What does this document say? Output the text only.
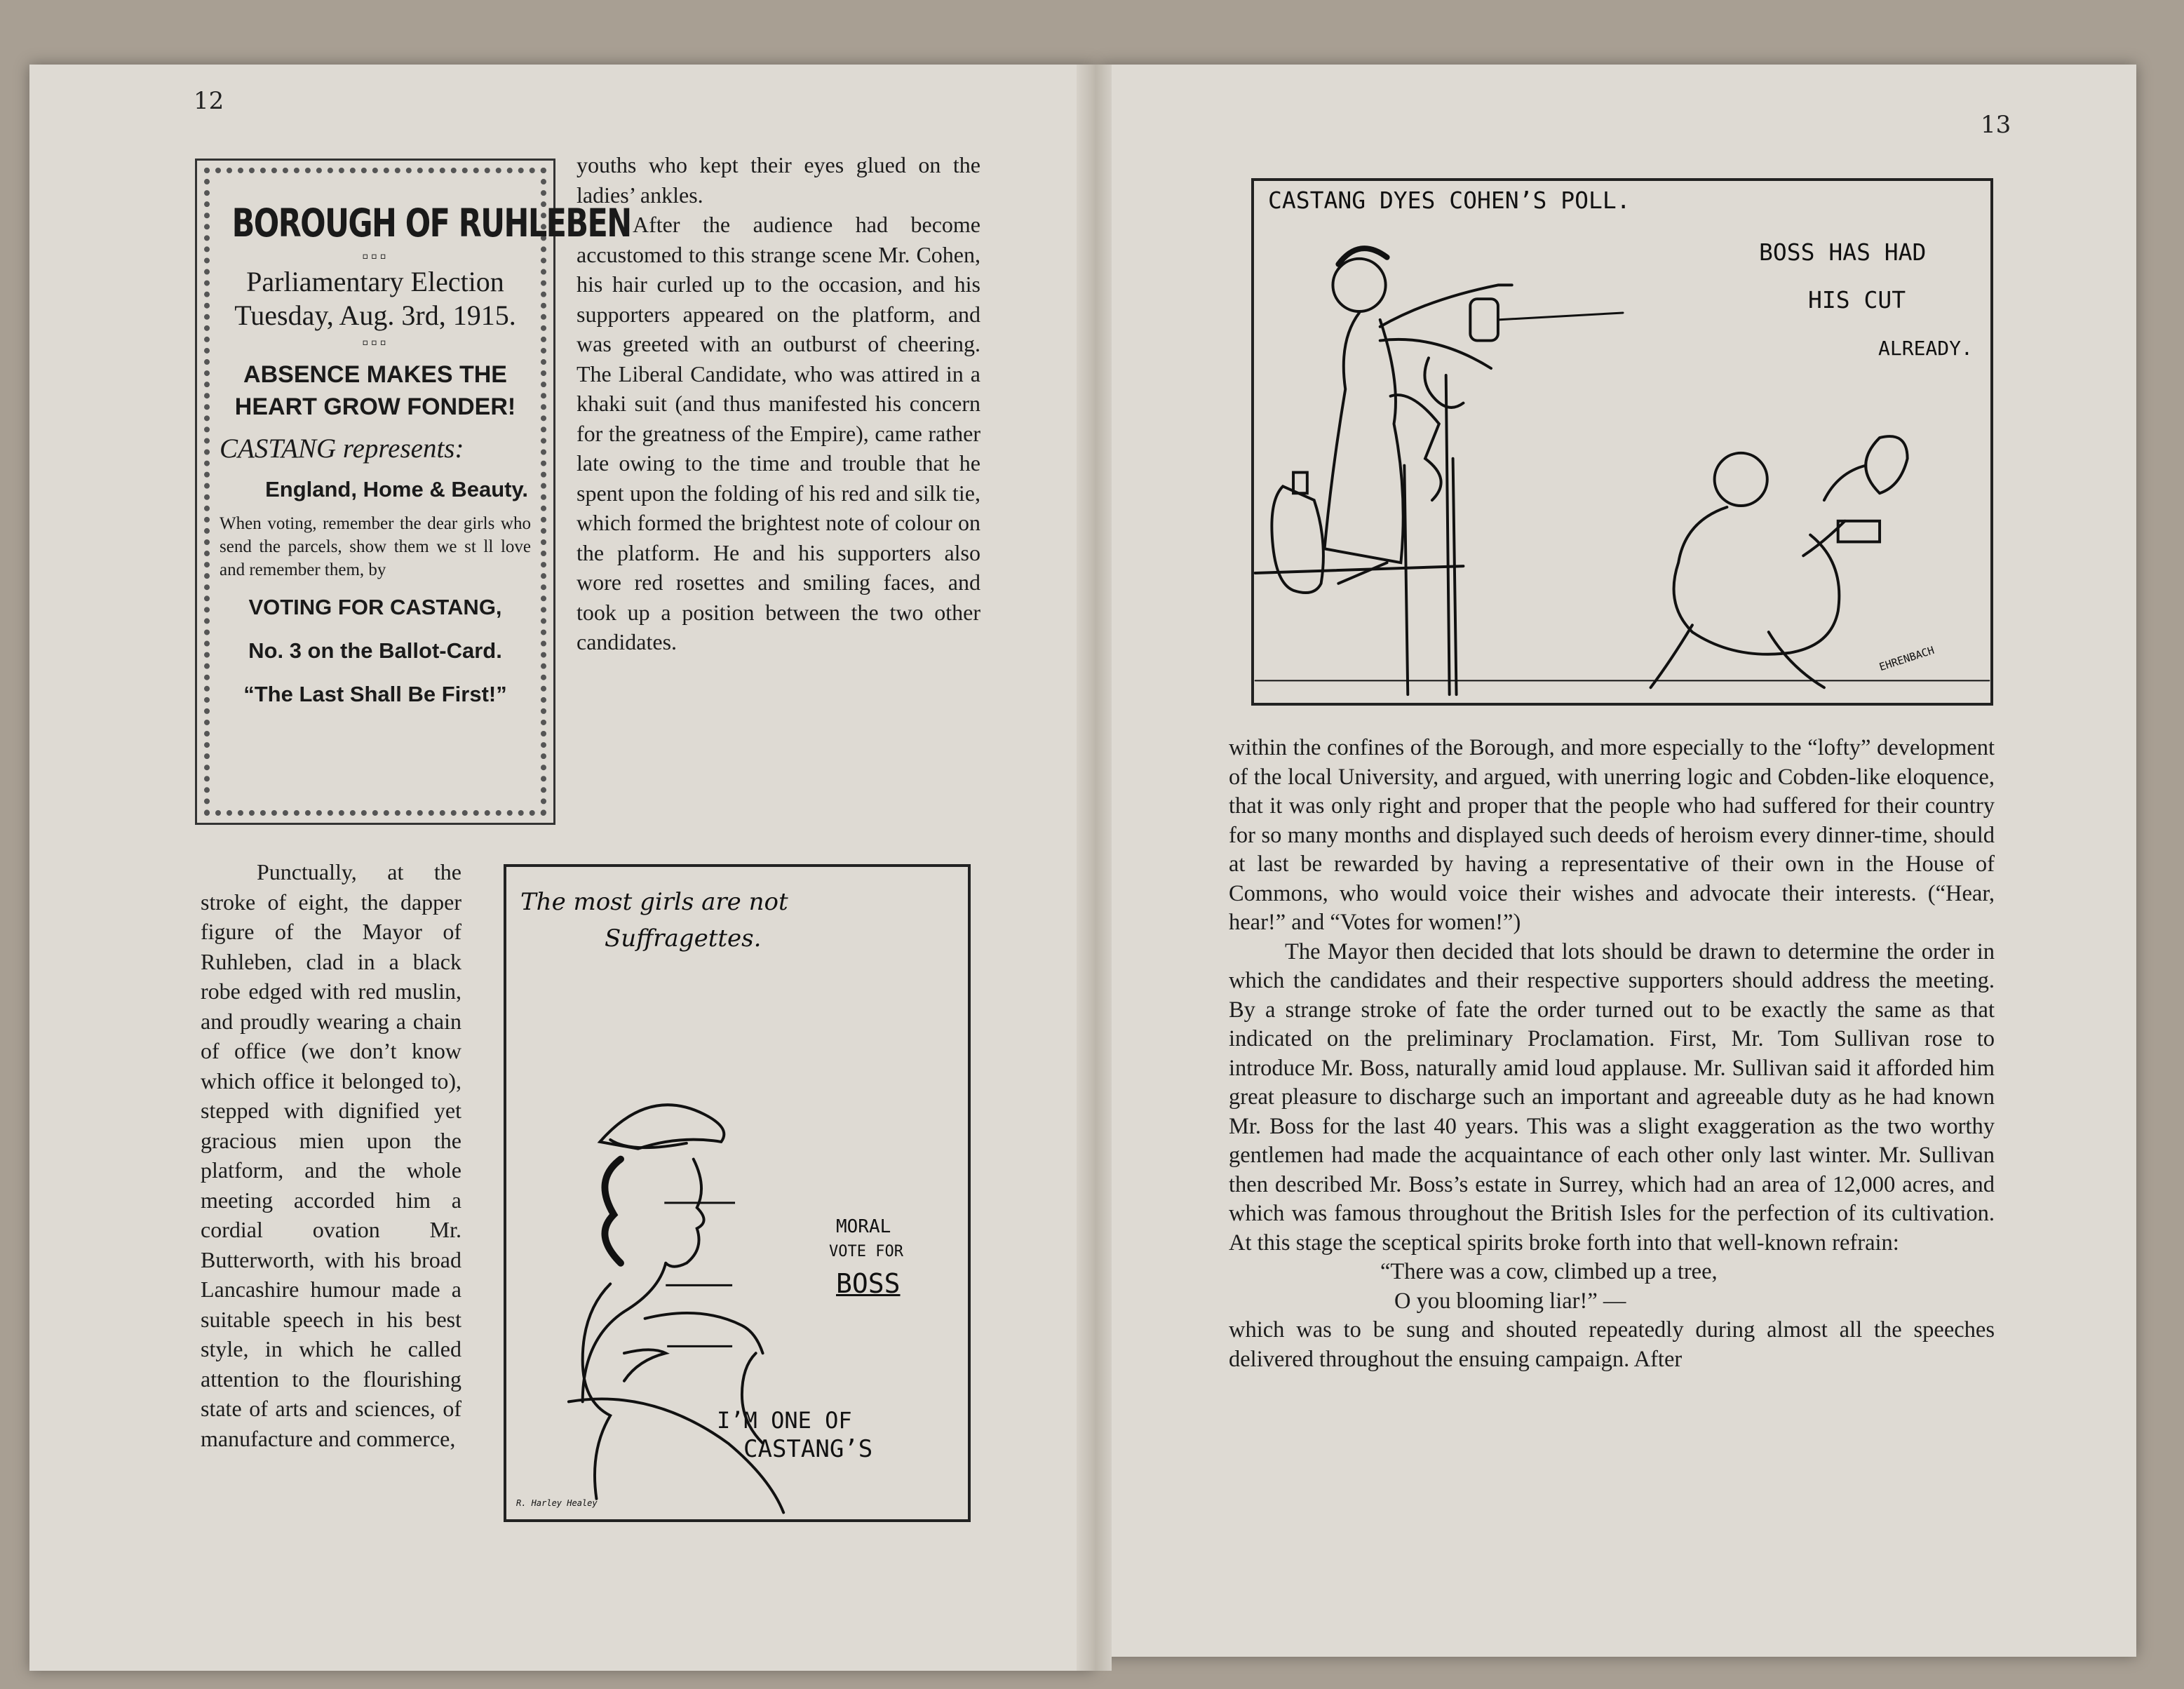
12
BOROUGH OF RUHLEBEN
▫▫▫
Parliamentary Election
Tuesday, Aug. 3rd, 1915.
▫▫▫
ABSENCE MAKES THE HEART GROW FONDER!
CASTANG represents:
England, Home & Beauty.
When voting, remember the dear girls who send the parcels, show them we st ll love and remember them, by
VOTING FOR CASTANG,
No. 3 on the Ballot-Card.
“The Last Shall Be First!”

youths who kept their eyes glued on the ladies’ ankles.

After the audience had become accustomed to this strange scene Mr. Cohen, his hair curled up to the occasion, and his supporters appeared on the platform, and was greeted with an outburst of cheering. The Liberal Candidate, who was attired in a khaki suit (and thus manifested his concern for the greatness of the Empire), came rather late owing to the time and trouble that he spent upon the folding of his red and silk tie, which formed the brightest note of colour on the platform. He and his supporters also wore red rosettes and smiling faces, and took up a position between the two other candidates.

Punctually, at the stroke of eight, the dapper figure of the Mayor of Ruhleben, clad in a black robe edged with red muslin, and proudly wearing a chain of office (we don’t know which office it belonged to), stepped with dignified yet gracious mien upon the platform, and the whole meeting accorded him a cordial ovation Mr. Butterworth, with his broad Lancashire humour made a suitable speech in his best style, in which he called attention to the flourishing state of arts and sciences, of manufacture and commerce,

The most girls are not
Suffragettes.
MORAL
VOTE FOR
BOSS
I’M ONE OF
CASTANG’S
R. Harley Healey
13
CASTANG DYES COHEN’S POLL.
BOSS HAS HAD
HIS CUT
ALREADY.
EHRENBACH

within the confines of the Borough, and more especially to the “lofty” development of the local University, and argued, with unerring logic and Cobden-like eloquence, that it was only right and proper that the people who had suffered for their country for so many months and displayed such deeds of heroism every dinner-time, should at last be rewarded by having a representative of their own in the House of Commons, who would voice their wishes and advocate their interests. (“Hear, hear!” and “Votes for women!”)

The Mayor then decided that lots should be drawn to determine the order in which the candidates and their respective supporters should address the meeting. By a strange stroke of fate the order turned out to be exactly the same as that indicated on the preliminary Proclamation. First, Mr. Tom Sullivan rose to introduce Mr. Boss, naturally amid loud applause. Mr. Sullivan said it afforded him great pleasure to discharge such an important and agreeable duty as he had known Mr. Boss for the last 40 years. This was a slight exaggeration as the two worthy gentlemen had made the acquaintance of each other only last winter. Mr. Sullivan then described Mr. Boss’s estate in Surrey, which had an area of 12,000 acres, and which was famous throughout the British Isles for the perfection of its cultivation. At this stage the sceptical spirits broke forth into that well-known refrain:

“There was a cow, climbed up a tree,

O you blooming liar!” —

which was to be sung and shouted repeatedly during almost all the speeches delivered throughout the ensuing campaign. After
